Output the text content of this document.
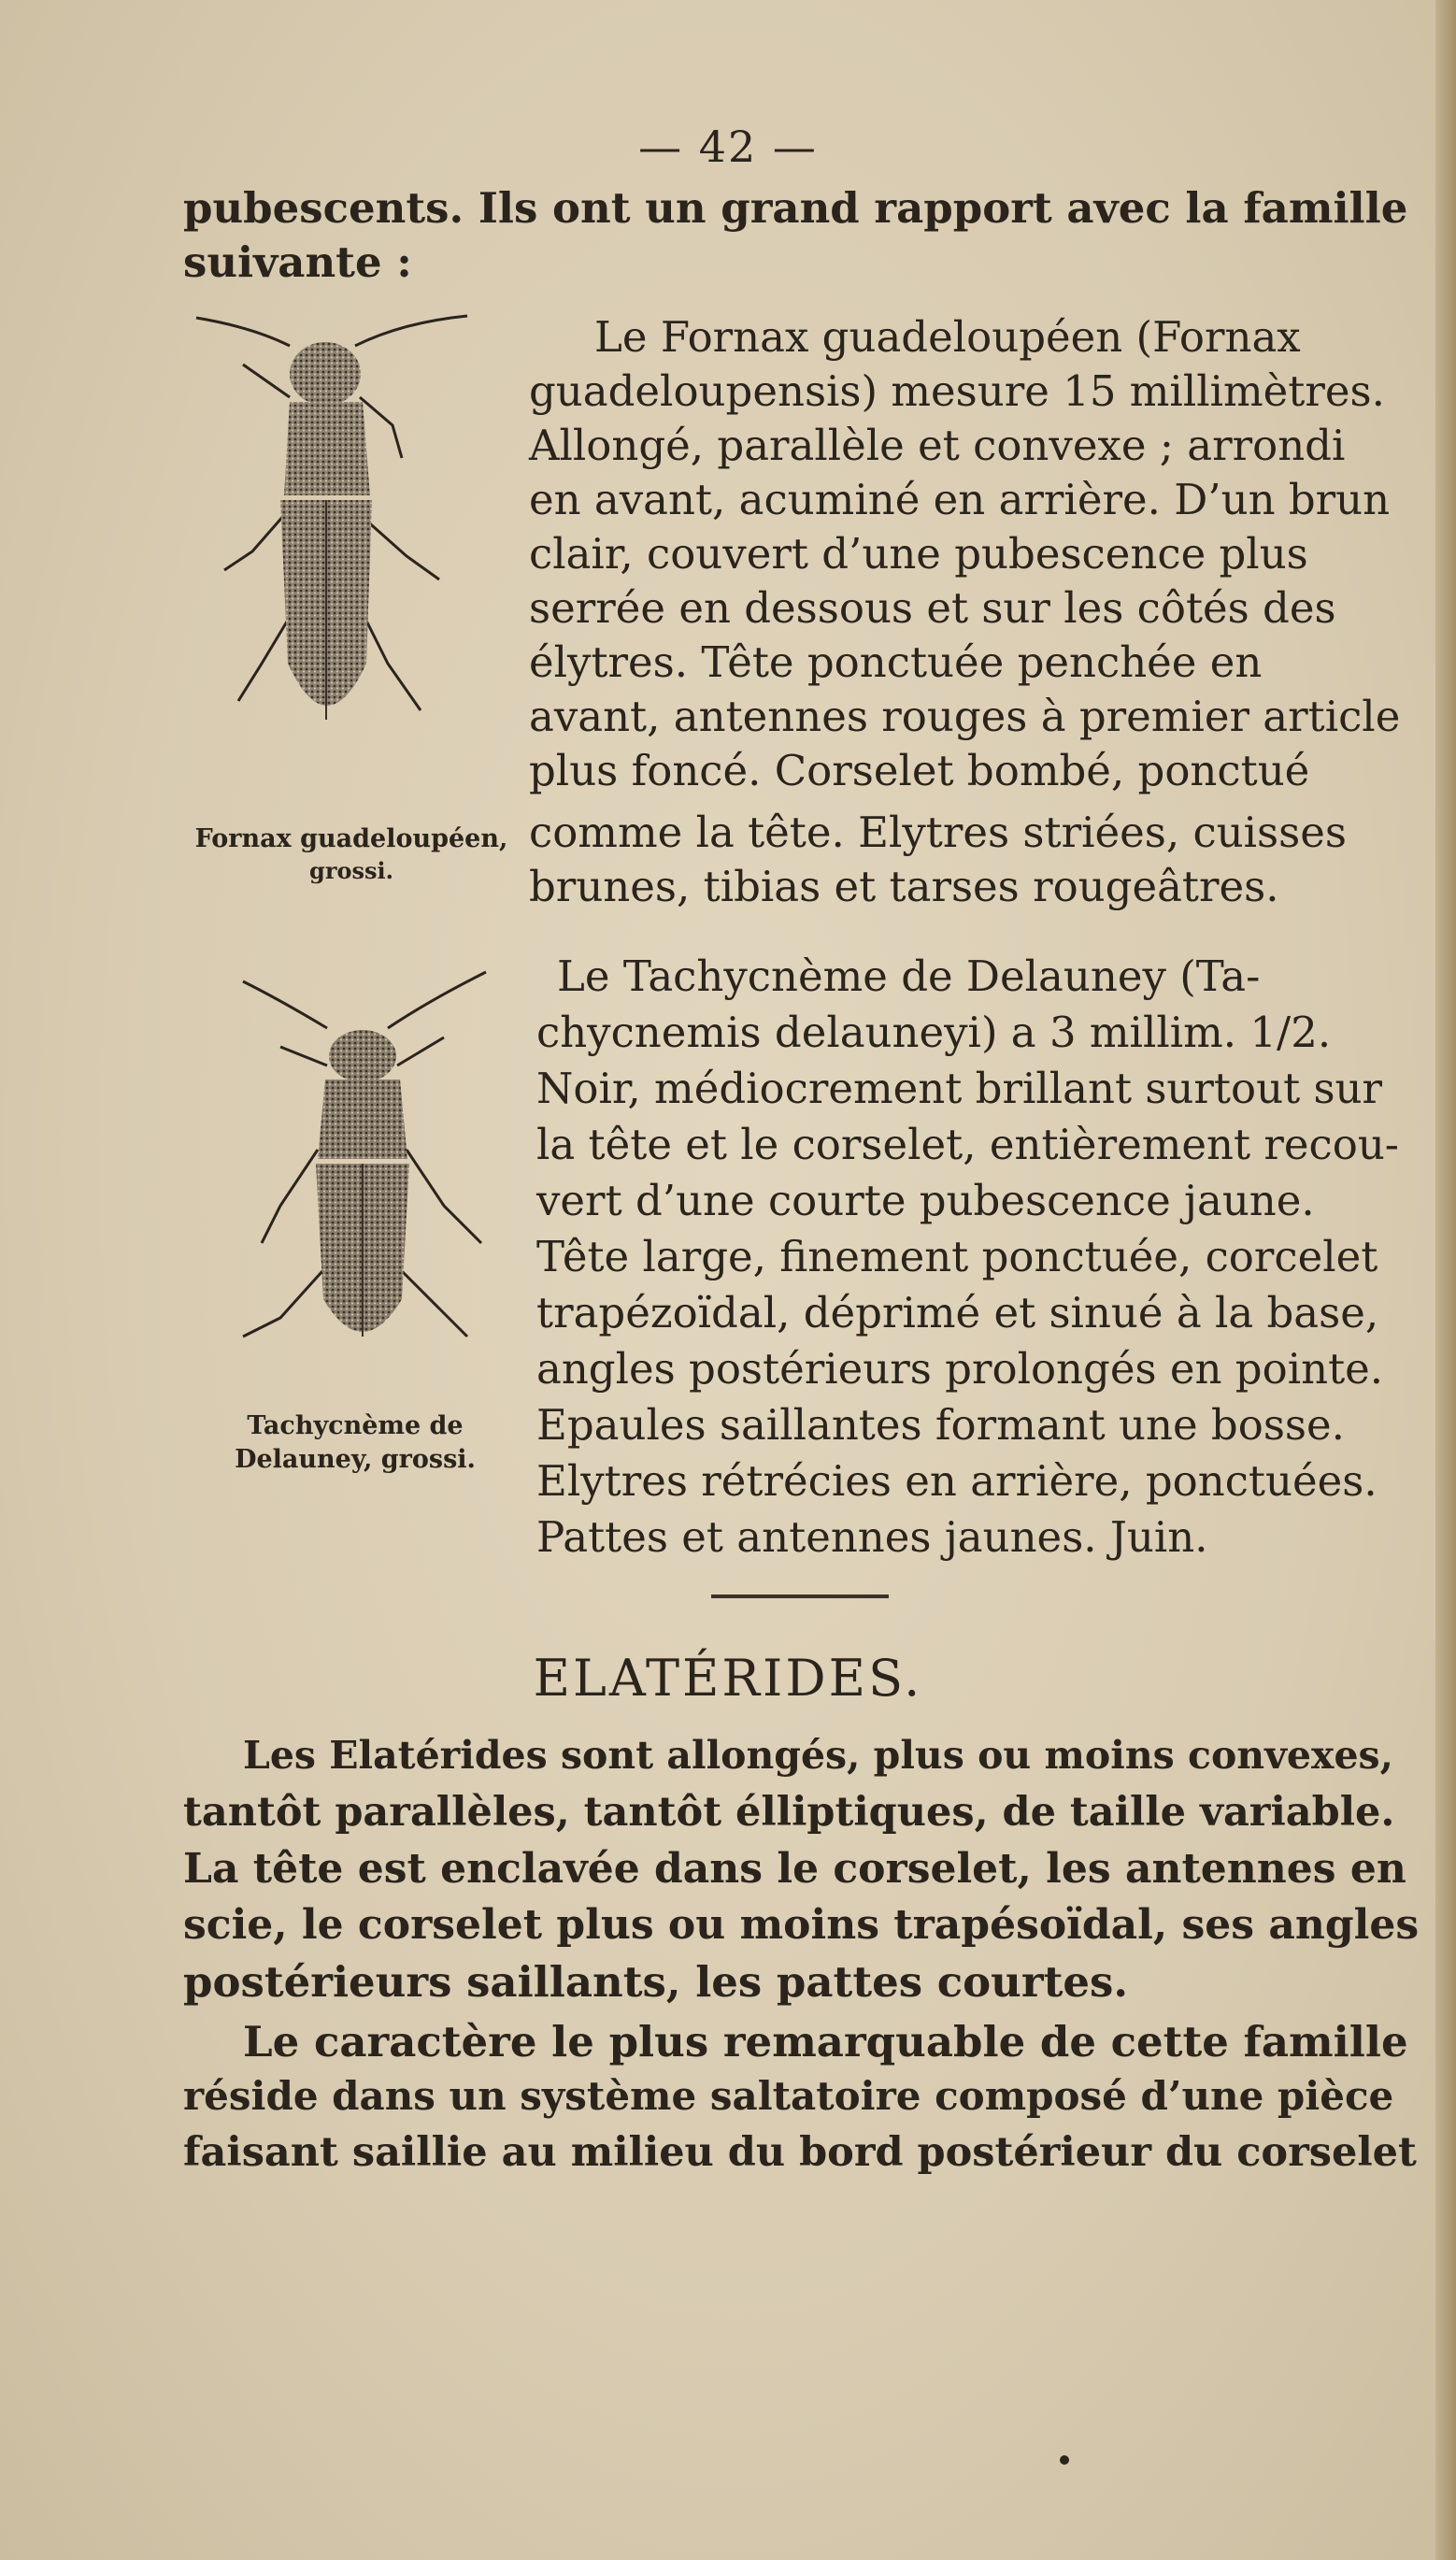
— 42 —
pubescents. Ils ont un grand rapport avec la famille
suivante :
Fornax guadeloupéen,
grossi.
Le Fornax guadeloupéen (Fornax
guadeloupensis) mesure 15 millimètres.
Allongé, parallèle et convexe ; arrondi
en avant, acuminé en arrière. D’un brun
clair, couvert d’une pubescence plus
serrée en dessous et sur les côtés des
élytres. Tête ponctuée penchée en
avant, antennes rouges à premier article
plus foncé. Corselet bombé, ponctué
comme la tête. Elytres striées, cuisses
brunes, tibias et tarses rougeâtres.
Tachycnème de
Delauney, grossi.
Le Tachycnème de Delauney (Ta-
chycnemis delauneyi) a 3 millim. 1/2.
Noir, médiocrement brillant surtout sur
la tête et le corselet, entièrement recou-
vert d’une courte pubescence jaune.
Tête large, finement ponctuée, corcelet
trapézoïdal, déprimé et sinué à la base,
angles postérieurs prolongés en pointe.
Epaules saillantes formant une bosse.
Elytres rétrécies en arrière, ponctuées.
Pattes et antennes jaunes. Juin.
ELATÉRIDES.
Les Elatérides sont allongés, plus ou moins convexes,
tantôt parallèles, tantôt élliptiques, de taille variable.
La tête est enclavée dans le corselet, les antennes en
scie, le corselet plus ou moins trapésoïdal, ses angles
postérieurs saillants, les pattes courtes.
Le caractère le plus remarquable de cette famille
réside dans un système saltatoire composé d’une pièce
faisant saillie au milieu du bord postérieur du corselet
